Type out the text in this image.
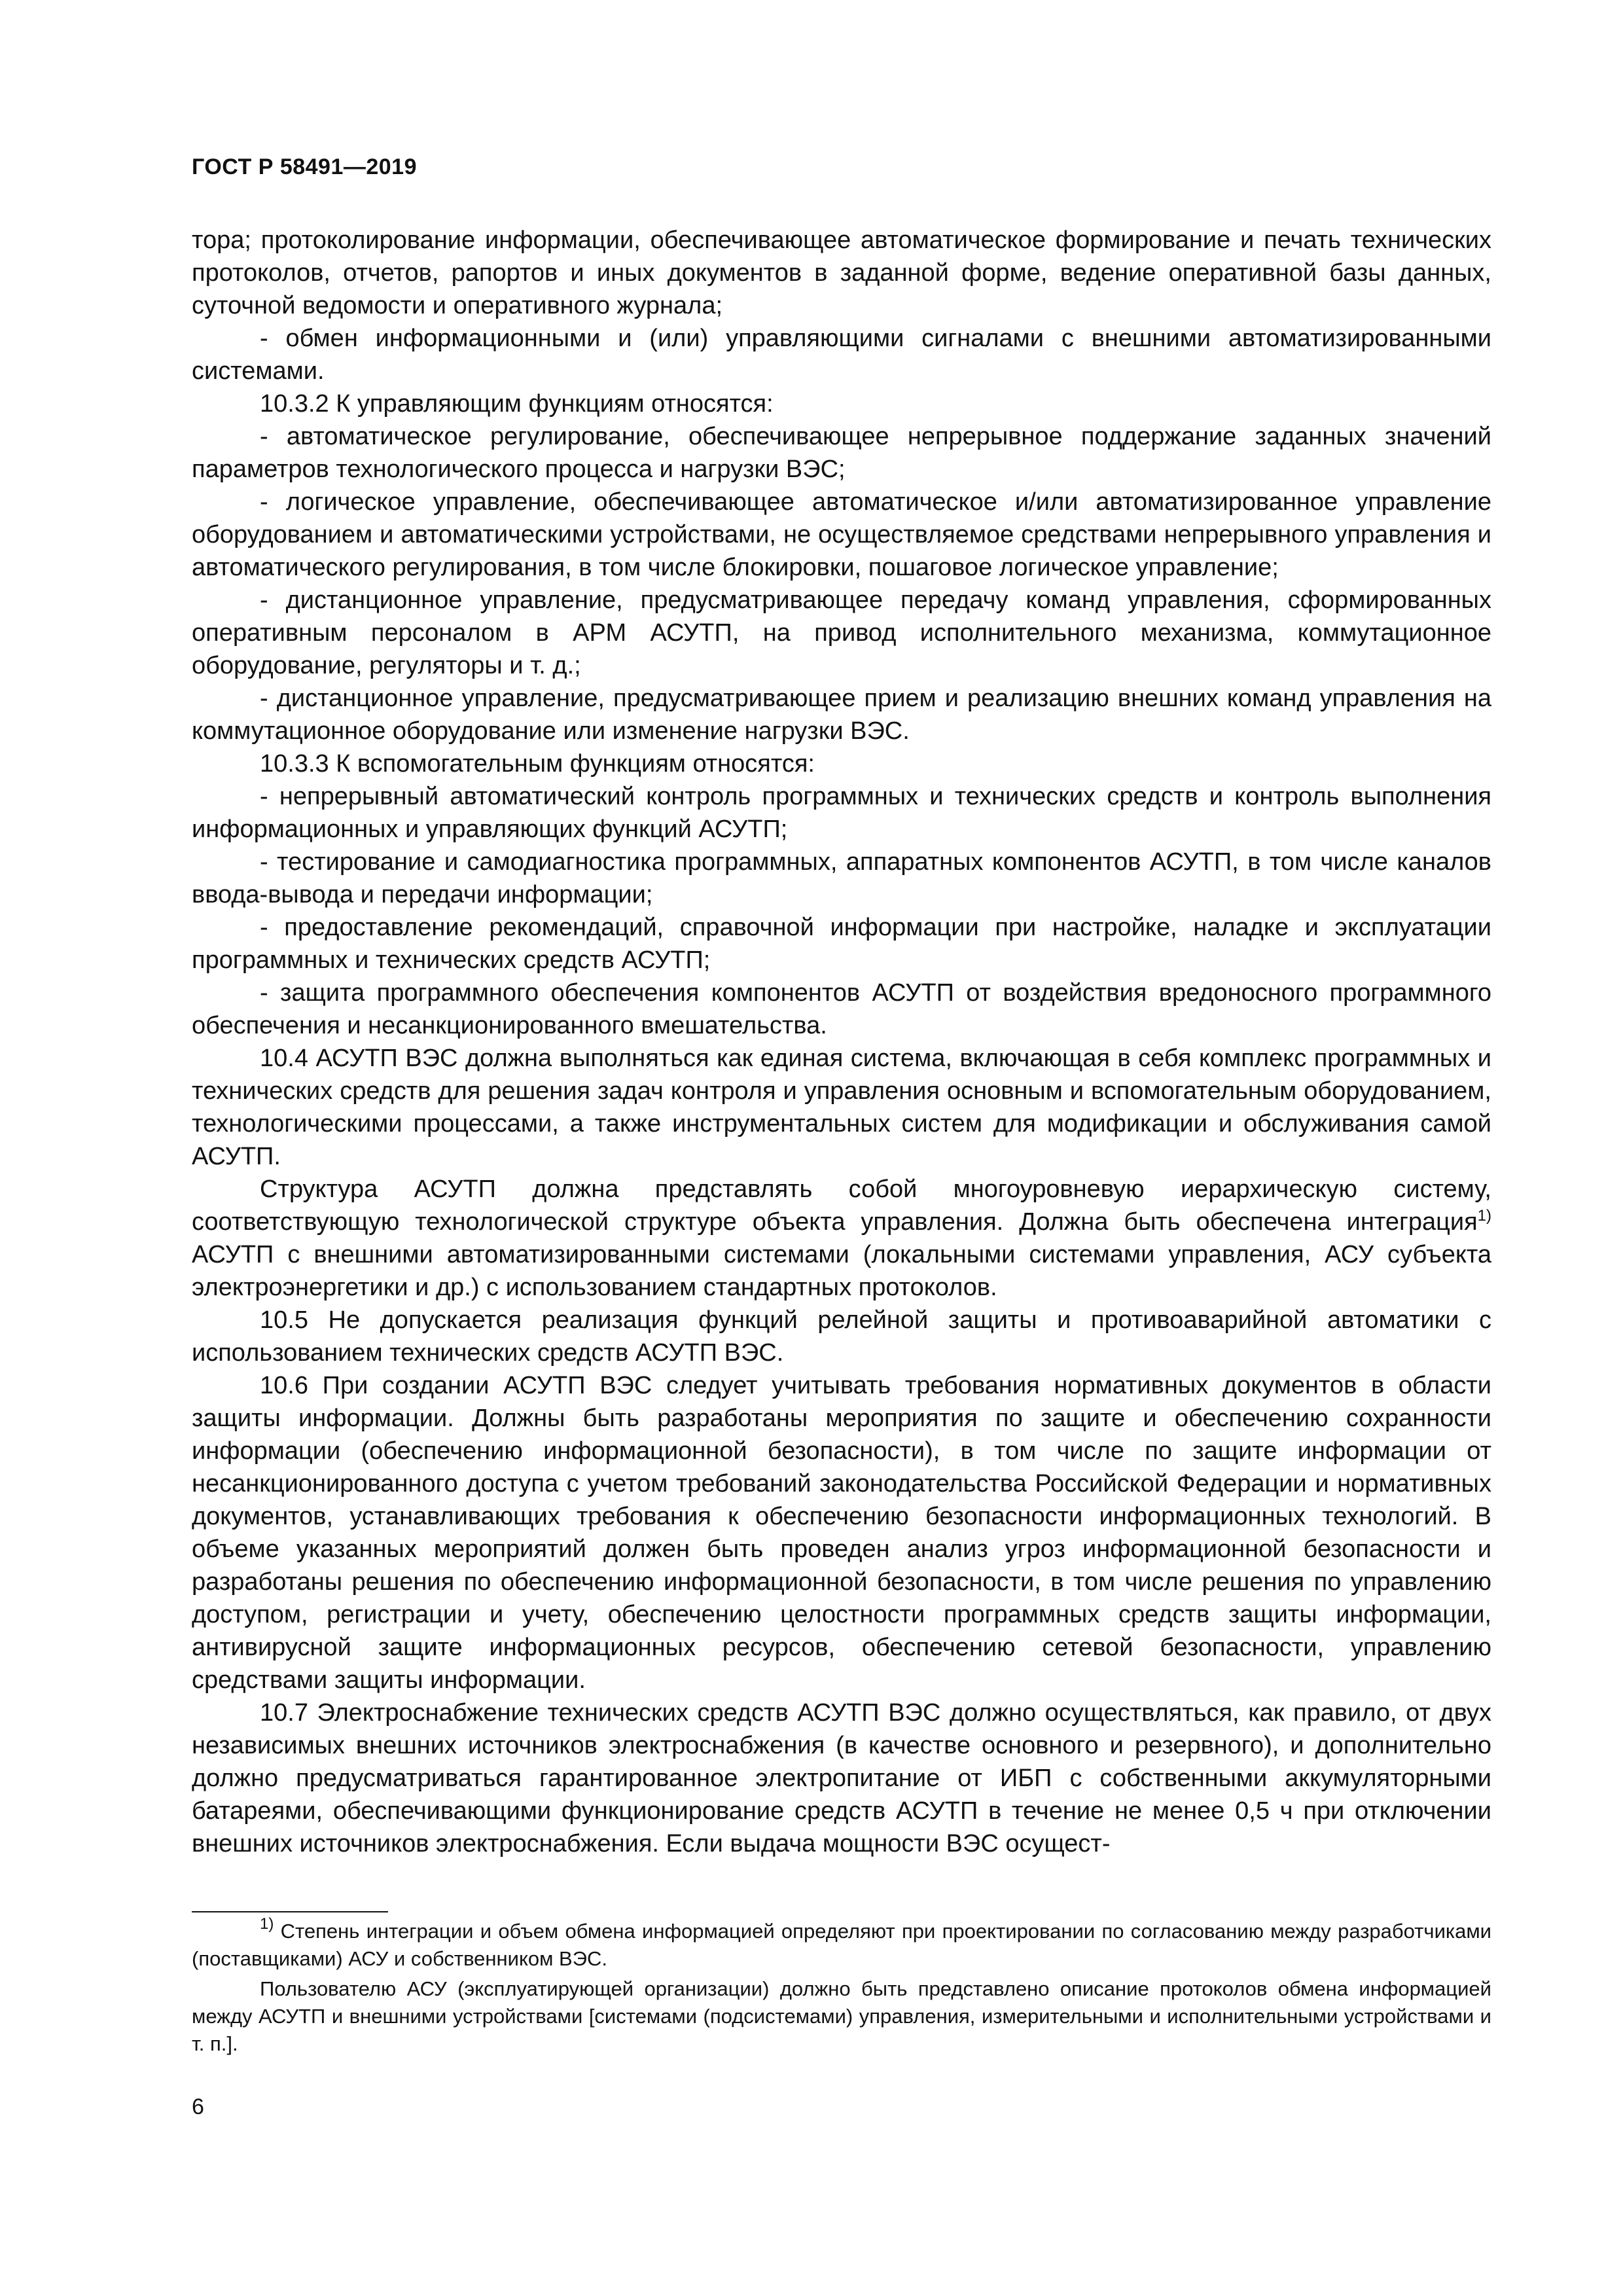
ГОСТ Р 58491—2019

тора; протоколирование информации, обеспечивающее автоматическое формирование и печать технических протоколов, отчетов, рапортов и иных документов в заданной форме, ведение оперативной базы данных, суточной ведомости и оперативного журнала;

- обмен информационными и (или) управляющими сигналами с внешними автоматизированными системами.

10.3.2 К управляющим функциям относятся:

- автоматическое регулирование, обеспечивающее непрерывное поддержание заданных значений параметров технологического процесса и нагрузки ВЭС;

- логическое управление, обеспечивающее автоматическое и/или автоматизированное управление оборудованием и автоматическими устройствами, не осуществляемое средствами непрерывного управления и автоматического регулирования, в том числе блокировки, пошаговое логическое управление;

- дистанционное управление, предусматривающее передачу команд управления, сформированных оперативным персоналом в АРМ АСУТП, на привод исполнительного механизма, коммутационное оборудование, регуляторы и т. д.;

- дистанционное управление, предусматривающее прием и реализацию внешних команд управления на коммутационное оборудование или изменение нагрузки ВЭС.

10.3.3 К вспомогательным функциям относятся:

- непрерывный автоматический контроль программных и технических средств и контроль выполнения информационных и управляющих функций АСУТП;

- тестирование и самодиагностика программных, аппаратных компонентов АСУТП, в том числе каналов ввода-вывода и передачи информации;

- предоставление рекомендаций, справочной информации при настройке, наладке и эксплуатации программных и технических средств АСУТП;

- защита программного обеспечения компонентов АСУТП от воздействия вредоносного программного обеспечения и несанкционированного вмешательства.

10.4 АСУТП ВЭС должна выполняться как единая система, включающая в себя комплекс программных и технических средств для решения задач контроля и управления основным и вспомогательным оборудованием, технологическими процессами, а также инструментальных систем для модификации и обслуживания самой АСУТП.

Структура АСУТП должна представлять собой многоуровневую иерархическую систему, соответствующую технологической структуре объекта управления. Должна быть обеспечена интеграция$^{1)}$ АСУТП с внешними автоматизированными системами (локальными системами управления, АСУ субъекта электроэнергетики и др.) с использованием стандартных протоколов.

10.5 Не допускается реализация функций релейной защиты и противоаварийной автоматики с использованием технических средств АСУТП ВЭС.

10.6 При создании АСУТП ВЭС следует учитывать требования нормативных документов в области защиты информации. Должны быть разработаны мероприятия по защите и обеспечению сохранности информации (обеспечению информационной безопасности), в том числе по защите информации от несанкционированного доступа с учетом требований законодательства Российской Федерации и нормативных документов, устанавливающих требования к обеспечению безопасности информационных технологий. В объеме указанных мероприятий должен быть проведен анализ угроз информационной безопасности и разработаны решения по обеспечению информационной безопасности, в том числе решения по управлению доступом, регистрации и учету, обеспечению целостности программных средств защиты информации, антивирусной защите информационных ресурсов, обеспечению сетевой безопасности, управлению средствами защиты информации.

10.7 Электроснабжение технических средств АСУТП ВЭС должно осуществляться, как правило, от двух независимых внешних источников электроснабжения (в качестве основного и резервного), и дополнительно должно предусматриваться гарантированное электропитание от ИБП с собственными аккумуляторными батареями, обеспечивающими функционирование средств АСУТП в течение не менее 0,5 ч при отключении внешних источников электроснабжения. Если выдача мощности ВЭС осущест-

$^{1)}$ Степень интеграции и объем обмена информацией определяют при проектировании по согласованию между разработчиками (поставщиками) АСУ и собственником ВЭС.

Пользователю АСУ (эксплуатирующей организации) должно быть представлено описание протоколов обмена информацией между АСУТП и внешними устройствами [системами (подсистемами) управления, измерительными и исполнительными устройствами и т. п.].

6
